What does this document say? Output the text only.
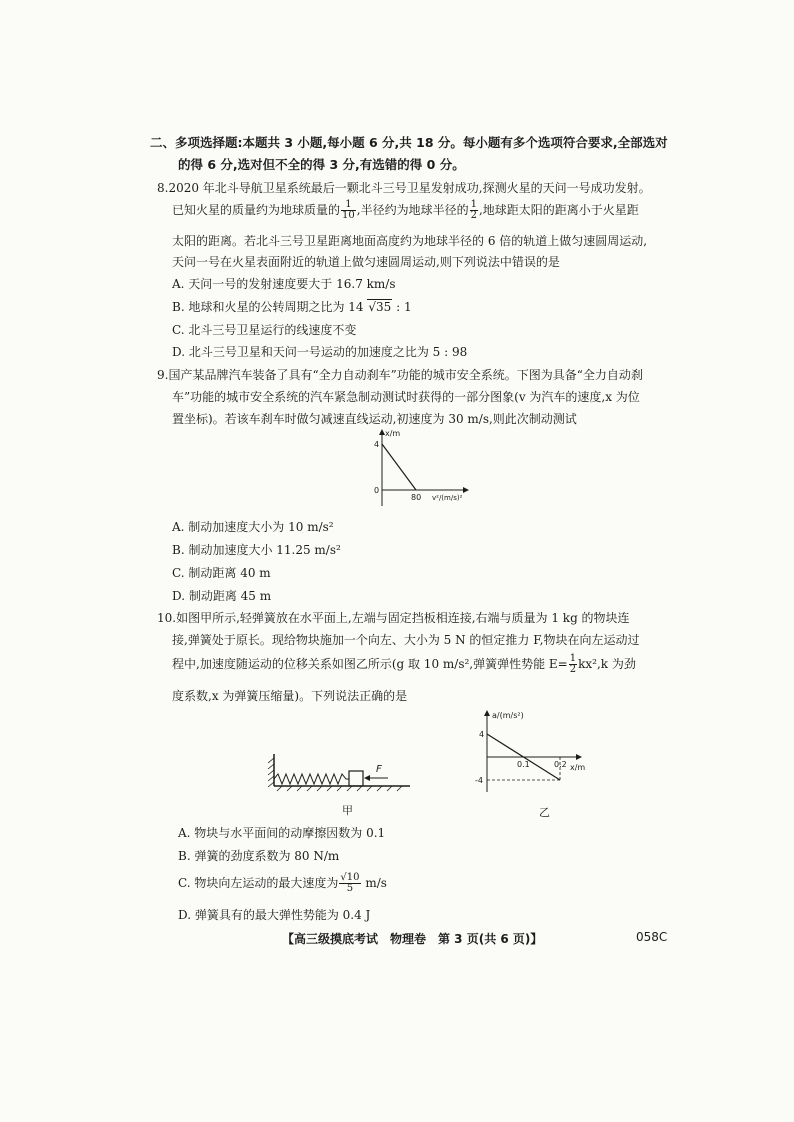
二、多项选择题:本题共 3 小题,每小题 6 分,共 18 分。每小题有多个选项符合要求,全部选对
的得 6 分,选对但不全的得 3 分,有选错的得 0 分。
8.2020 年北斗导航卫星系统最后一颗北斗三号卫星发射成功,探测火星的天问一号成功发射。
已知火星的质量约为地球质量的 $\frac{1}{10}$ ,半径约为地球半径的 $\frac{1}{2}$ ,地球距太阳的距离小于火星距
太阳的距离。若北斗三号卫星距离地面高度约为地球半径的 6 倍的轨道上做匀速圆周运动,
天问一号在火星表面附近的轨道上做匀速圆周运动,则下列说法中错误的是
A. 天问一号的发射速度要大于 16.7 km/s
B. 地球和火星的公转周期之比为 14 √35 : 1
C. 北斗三号卫星运行的线速度不变
D. 北斗三号卫星和天问一号运动的加速度之比为 5 : 98
9.国产某品牌汽车装备了具有“全力自动刹车”功能的城市安全系统。下图为具备“全力自动刹
车”功能的城市安全系统的汽车紧急制动测试时获得的一部分图象(v 为汽车的速度,x 为位
置坐标)。若该车刹车时做匀减速直线运动,初速度为 30 m/s,则此次制动测试
x/m
4
0
80 v²/(m/s)²
A. 制动加速度大小为 10 m/s²
B. 制动加速度大小 11.25 m/s²
C. 制动距离 40 m
D. 制动距离 45 m
10.如图甲所示,轻弹簧放在水平面上,左端与固定挡板相连接,右端与质量为 1 kg 的物块连
接,弹簧处于原长。现给物块施加一个向左、大小为 5 N 的恒定推力 F,物块在向左运动过
程中,加速度随运动的位移关系如图乙所示(g 取 10 m/s²,弹簧弹性势能 $E= \frac{1}{2} kx^2,k$ 为劲
度系数,x 为弹簧压缩量)。下列说法正确的是
F
甲
a/(m/s²)
4
-4
0.1	0.2 x/m
乙
A. 物块与水平面间的动摩擦因数为 0.1
B. 弹簧的劲度系数为 80 N/m
C. 物块向左运动的最大速度为 $\frac{√10}{5} m/s$
D. 弹簧具有的最大弹性势能为 0.4 J
【高三级摸底考试　物理卷　第 3 页(共 6 页)】	058C
